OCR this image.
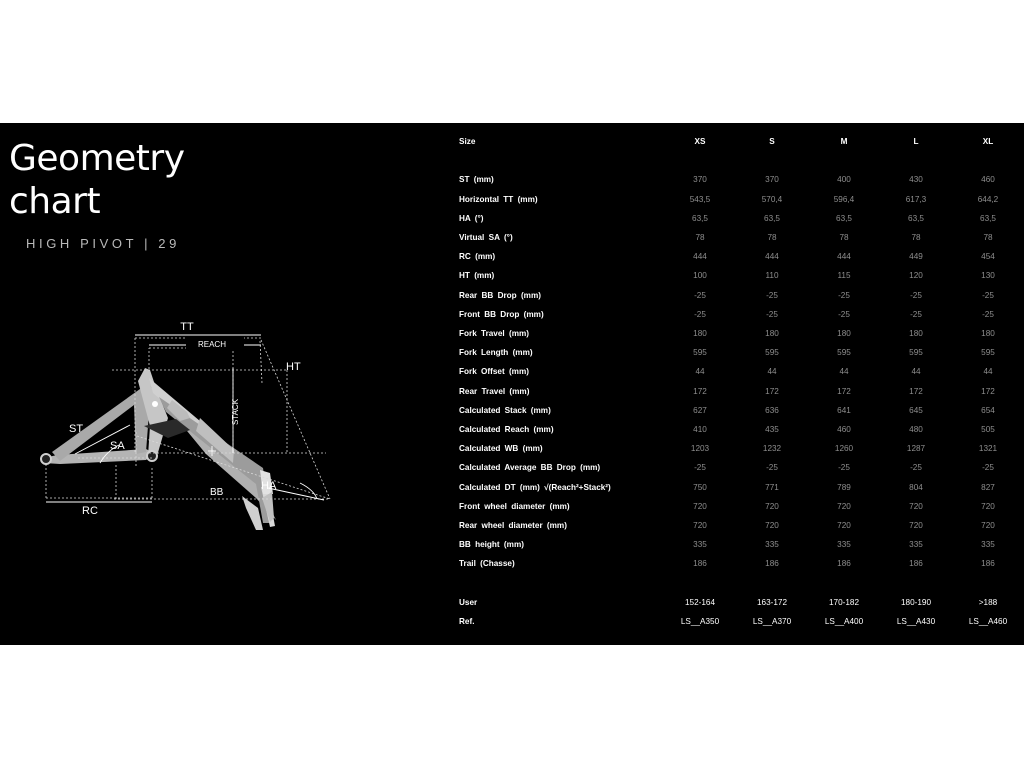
Geometry
chart

HIGH PIVOT | 29

TT
REACH
HT
STACK
ST
SA
HA
BB
RC
Size	XS	S	M	L	XL

ST (mm)	370	370	400	430	460
Horizontal TT (mm)	543,5	570,4	596,4	617,3	644,2
HA (°)	63,5	63,5	63,5	63,5	63,5
Virtual SA (°)	78	78	78	78	78
RC (mm)	444	444	444	449	454
HT (mm)	100	110	115	120	130
Rear BB Drop (mm)	-25	-25	-25	-25	-25
Front BB Drop (mm)	-25	-25	-25	-25	-25
Fork Travel (mm)	180	180	180	180	180
Fork Length (mm)	595	595	595	595	595
Fork Offset (mm)	44	44	44	44	44
Rear Travel (mm)	172	172	172	172	172
Calculated Stack (mm)	627	636	641	645	654
Calculated Reach (mm)	410	435	460	480	505
Calculated WB (mm)	1203	1232	1260	1287	1321
Calculated Average BB Drop (mm)	-25	-25	-25	-25	-25
Calculated DT (mm) √(Reach²+Stack²)	750	771	789	804	827
Front wheel diameter (mm)	720	720	720	720	720
Rear wheel diameter (mm)	720	720	720	720	720
BB height (mm)	335	335	335	335	335
Trail (Chasse)	186	186	186	186	186

User	152-164	163-172	170-182	180-190	>188
Ref.	LS__A350	LS__A370	LS__A400	LS__A430	LS__A460
